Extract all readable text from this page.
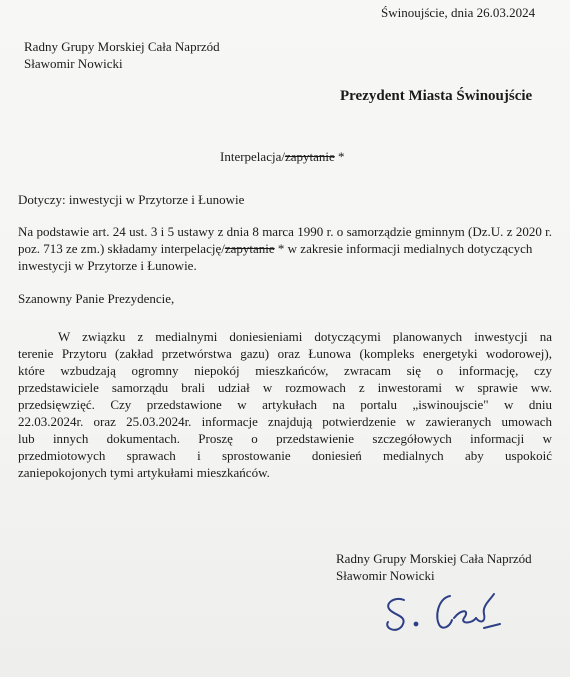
Świnoujście, dnia 26.03.2024
Radny Grupy Morskiej Cała Naprzód
Sławomir Nowicki
Prezydent Miasta Świnoujście
Interpelacja/zapytanie *
Dotyczy: inwestycji w Przytorze i Łunowie
Na podstawie art. 24 ust. 3 i 5 ustawy z dnia 8 marca 1990 r. o samorządzie gminnym (Dz.U. z 2020 r.
poz. 713 ze zm.) składamy interpelację/zapytanie * w zakresie informacji medialnych dotyczących
inwestycji w Przytorze i Łunowie.
Szanowny Panie Prezydencie,
W związku z medialnymi doniesieniami dotyczącymi planowanych inwestycji na
terenie Przytoru (zakład przetwórstwa gazu) oraz Łunowa (kompleks energetyki wodorowej),
które wzbudzają ogromny niepokój mieszkańców, zwracam się o informację, czy
przedstawiciele samorządu brali udział w rozmowach z inwestorami w sprawie ww.
przedsięwzięć. Czy przedstawione w artykułach na portalu „iswinoujscie" w dniu
22.03.2024r. oraz 25.03.2024r. informacje znajdują potwierdzenie w zawieranych umowach
lub innych dokumentach. Proszę o przedstawienie szczegółowych informacji w
przedmiotowych sprawach i sprostowanie doniesień medialnych aby uspokoić
zaniepokojonych tymi artykułami mieszkańców.
Radny Grupy Morskiej Cała Naprzód
Sławomir Nowicki
